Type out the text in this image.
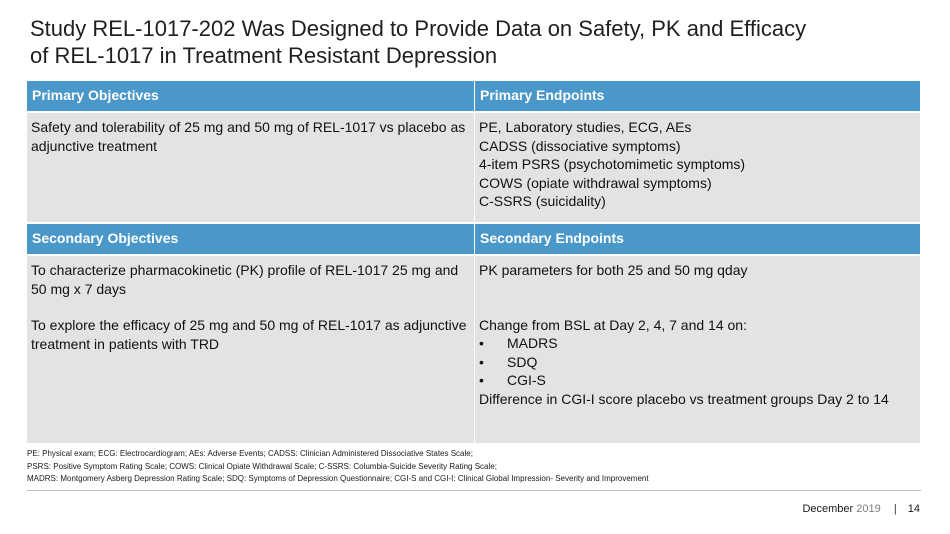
Study REL-1017-202 Was Designed to Provide Data on Safety, PK and Efficacy
of REL-1017 in Treatment Resistant Depression
Primary Objectives	Primary Endpoints
Safety and tolerability of 25 mg and 50 mg of REL-1017 vs placebo as adjunctive treatment
PE, Laboratory studies, ECG, AEs
CADSS (dissociative symptoms)
4-item PSRS (psychotomimetic symptoms)
COWS (opiate withdrawal symptoms)
C-SSRS (suicidality)
Secondary Objectives	Secondary Endpoints
To characterize pharmacokinetic (PK) profile of REL-1017 25 mg and 50 mg x 7 days
To explore the efficacy of 25 mg and 50 mg of REL-1017 as adjunctive treatment in patients with TRD
PK parameters for both 25 and 50 mg qday
Change from BSL at Day 2, 4, 7 and 14 on:
• MADRS
• SDQ
• CGI-S
Difference in CGI-I score placebo vs treatment groups Day 2 to 14
PE: Physical exam; ECG: Electrocardiogram; AEs: Adverse Events; CADSS: Clinician Administered Dissociative States Scale;
PSRS: Positive Symptom Rating Scale; COWS: Clinical Opiate Withdrawal Scale; C-SSRS: Columbia-Suicide Severity Rating Scale;
MADRS: Montgomery Asberg Depression Rating Scale; SDQ: Symptoms of Depression Questionnaire; CGI-S and CGI-I: Clinical Global Impression- Severity and Improvement
December 2019 | 14
